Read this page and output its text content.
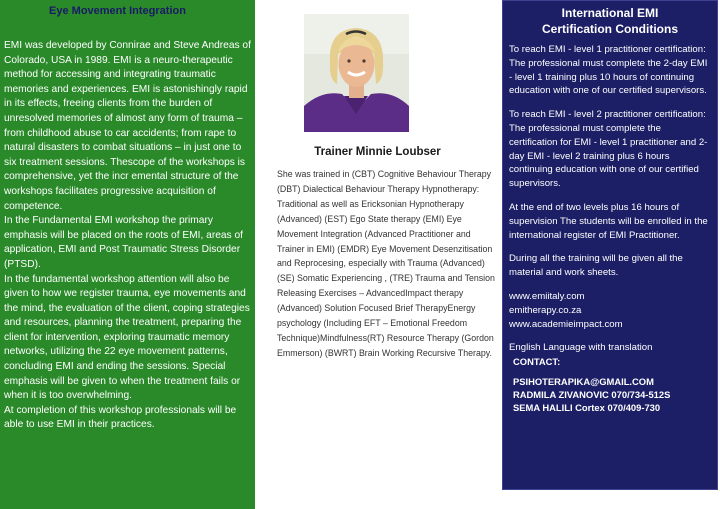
Eye Movement Integration
EMI was developed by Connirae and Steve Andreas of Colorado, USA in 1989. EMI is a neuro-therapeutic method for accessing and integrating traumatic memories and experiences. EMI is astonishingly rapid in its effects, freeing clients from the burden of unresolved memories of almost any form of trauma – from childhood abuse to car accidents; from rape to natural disasters to combat situations – in just one to six treatment sessions. Thescope of the workshops is comprehensive, yet the incr emental structure of the workshops facilitates progressive acquisition of competence.
In the Fundamental EMI workshop the primary emphasis will be placed on the roots of EMI, areas of application, EMI and Post Traumatic Stress Disorder (PTSD).
In the fundamental workshop attention will also be given to how we register trauma, eye movements and the mind, the evaluation of the client, coping strategies and resources, planning the treatment, preparing the client for intervention, exploring traumatic memory networks, utilizing the 22 eye movement patterns, concluding EMI and ending the sessions. Special emphasis will be given to when the treatment fails or when it is too overwhelming.
At completion of this workshop professionals will be able to use EMI in their practices.
Trainer Minnie Loubser
She was trained in (CBT) Cognitive Behaviour Therapy (DBT) Dialectical Behaviour Therapy Hypnotherapy: Traditional as well as Ericksonian Hypnotherapy (Advanced) (EST) Ego State therapy (EMI) Eye Movement Integration (Advanced Practitioner and Trainer in EMI) (EMDR) Eye Movement Desenzitisation and Reprocesing, especially with Trauma (Advanced) (SE) Somatic Experiencing , (TRE) Trauma and Tension Releasing Exercises – AdvancedImpact therapy (Advanced) Solution Focused Brief TherapyEnergy psychology (Including EFT – Emotional Freedom Technique)Mindfulness(RT) Resource Therapy (Gordon Emmerson) (BWRT) Brain Working Recursive Therapy.
International EMI
Certification Conditions

To reach EMI - level 1 practitioner certification: The professional must complete the 2-day EMI - level 1 training plus 10 hours of continuing education with one of our certified supervisors.

To reach EMI - level 2 practitioner certification: The professional must complete the certification for EMI - level 1 practitioner and 2-day EMI - level 2 training plus 6 hours continuing education with one of our certified supervisors.

At the end of two levels plus 16 hours of supervision The students will be enrolled in the international register of EMI Practitioner.

During all the training will be given all the material and work sheets.

www.emiitaly.com

emitherapy.co.za

www.academieimpact.com

English Language with translation

CONTACT:

PSIHOTERAPIKA@GMAIL.COM

RADMILA ZIVANOVIC 070/734-512S

SEMA HALILI Cortex 070/409-730
